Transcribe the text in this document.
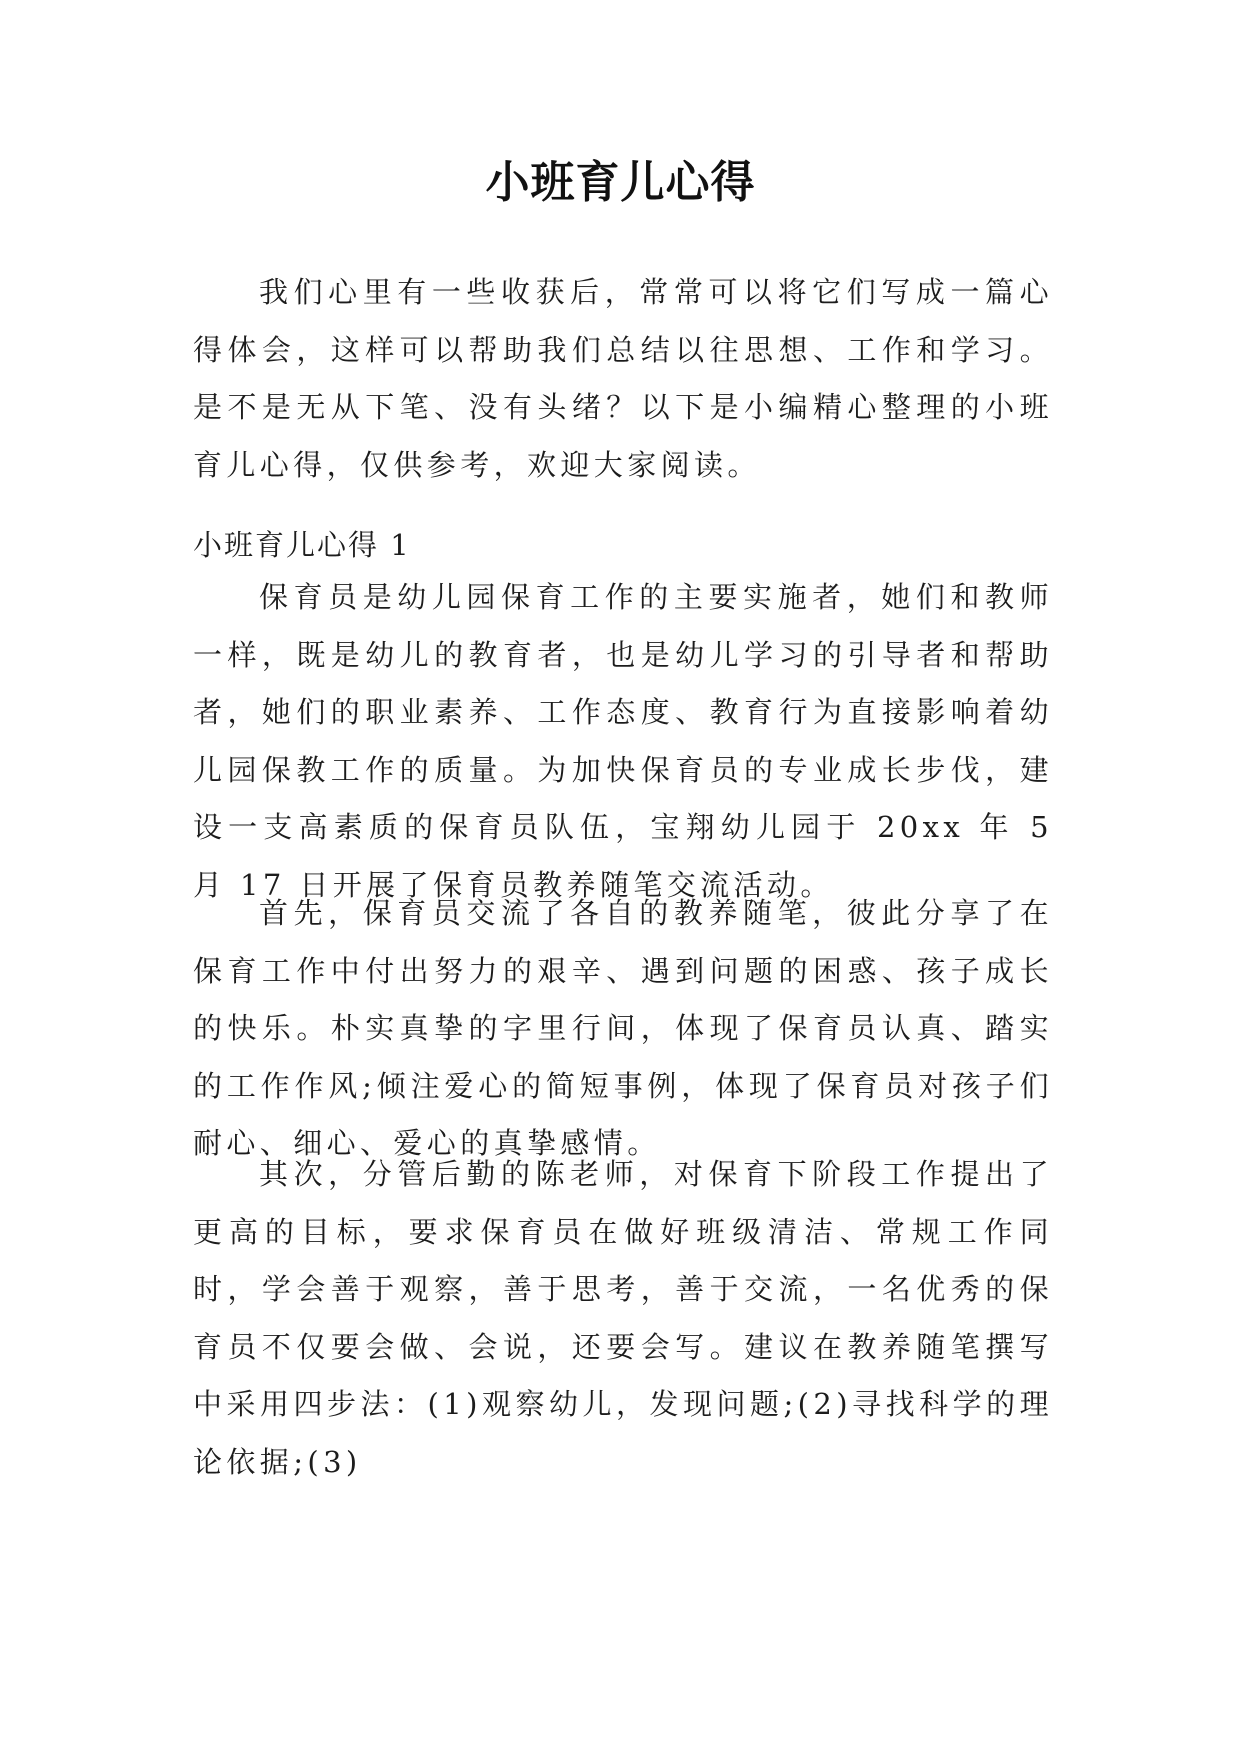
小班育儿心得

我们心里有一些收获后，常常可以将它们写成一篇心得体会，这样可以帮助我们总结以往思想、工作和学习。是不是无从下笔、没有头绪？以下是小编精心整理的小班育儿心得，仅供参考，欢迎大家阅读。

小班育儿心得 1

保育员是幼儿园保育工作的主要实施者，她们和教师一样，既是幼儿的教育者，也是幼儿学习的引导者和帮助者，她们的职业素养、工作态度、教育行为直接影响着幼儿园保教工作的质量。为加快保育员的专业成长步伐，建设一支高素质的保育员队伍，宝翔幼儿园于 20xx 年 5 月 17 日开展了保育员教养随笔交流活动。

首先，保育员交流了各自的教养随笔，彼此分享了在保育工作中付出努力的艰辛、遇到问题的困惑、孩子成长的快乐。朴实真挚的字里行间，体现了保育员认真、踏实的工作作风;倾注爱心的简短事例，体现了保育员对孩子们耐心、细心、爱心的真挚感情。

其次，分管后勤的陈老师，对保育下阶段工作提出了更高的目标，要求保育员在做好班级清洁、常规工作同时，学会善于观察，善于思考，善于交流，一名优秀的保育员不仅要会做、会说，还要会写。建议在教养随笔撰写中采用四步法：(1)观察幼儿，发现问题;(2)寻找科学的理论依据;(3)
